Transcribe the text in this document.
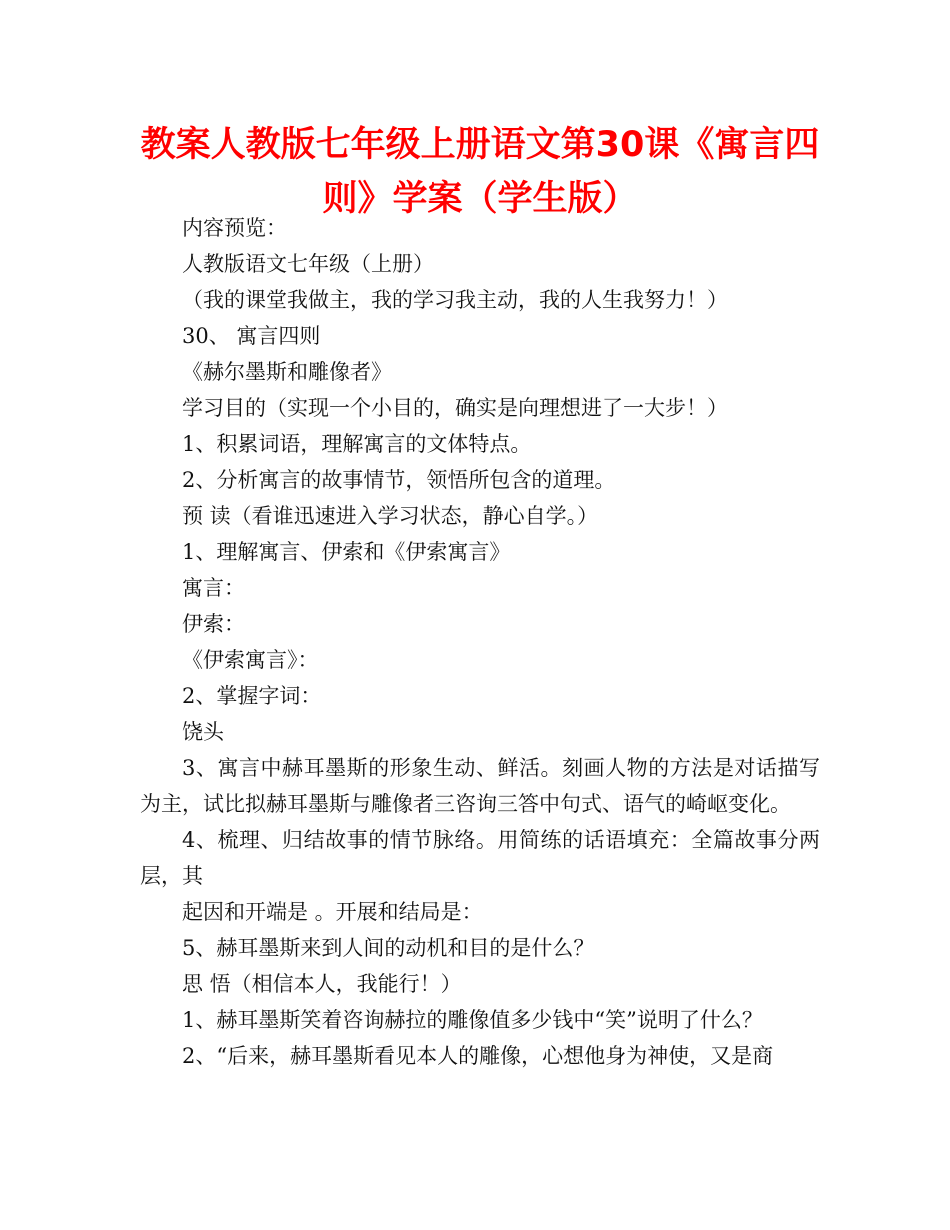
教案人教版七年级上册语文第30课《寓言四则》学案（学生版）
内容预览：
人教版语文七年级（上册）
（我的课堂我做主，我的学习我主动，我的人生我努力！）
30、 寓言四则
《赫尔墨斯和雕像者》
学习目的（实现一个小目的，确实是向理想进了一大步！）
1、积累词语，理解寓言的文体特点。
2、分析寓言的故事情节，领悟所包含的道理。
预 读（看谁迅速进入学习状态，静心自学。）
1、理解寓言、伊索和《伊索寓言》
寓言：
伊索：
《伊索寓言》：
2、掌握字词：
饶头
3、寓言中赫耳墨斯的形象生动、鲜活。刻画人物的方法是对话描写为主，试比拟赫耳墨斯与雕像者三咨询三答中句式、语气的崎岖变化。
4、梳理、归结故事的情节脉络。用简练的话语填充：全篇故事分两层，其
起因和开端是 。开展和结局是：
5、赫耳墨斯来到人间的动机和目的是什么？
思 悟（相信本人，我能行！）
1、赫耳墨斯笑着咨询赫拉的雕像值多少钱中“笑”说明了什么？
2、“后来，赫耳墨斯看见本人的雕像，心想他身为神使，又是商
